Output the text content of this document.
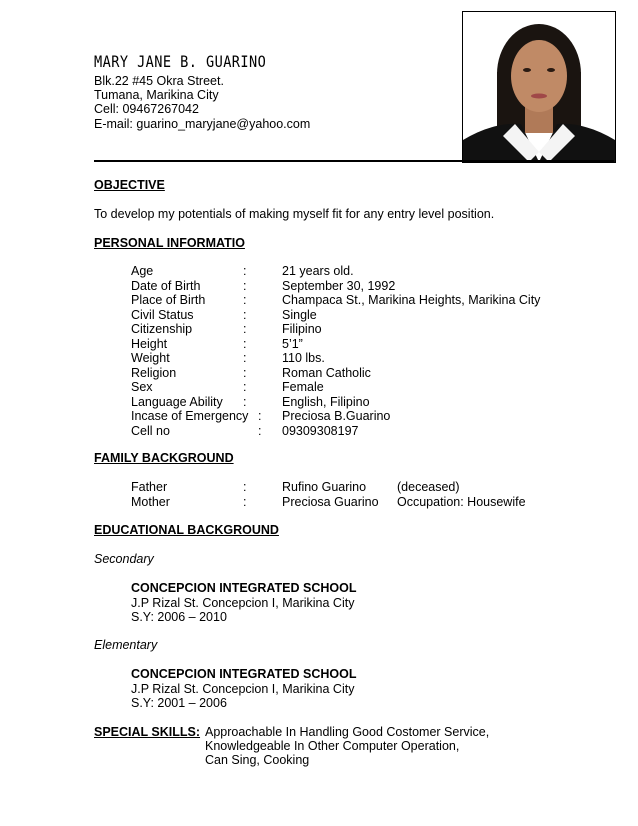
MARY JANE B. GUARINO
Blk.22 #45 Okra Street.
Tumana, Marikina City
Cell: 09467267042
E-mail: guarino_maryjane@yahoo.com
OBJECTIVE
To develop my potentials of making myself fit for any entry level position.
PERSONAL INFORMATIO
Age	:	21 years old.
Date of Birth	:	September 30, 1992
Place of Birth	:	Champaca St., Marikina Heights, Marikina City
Civil Status	:	Single
Citizenship	:	Filipino
Height	:	5’1”
Weight	:	110 lbs.
Religion	:	Roman Catholic
Sex	:	Female
Language Ability :	English, Filipino
Incase of Emergency : Preciosa B.Guarino
Cell no	: 09309308197
FAMILY BACKGROUND
Father	:	Rufino Guarino (deceased)
Mother	:	Preciosa Guarino Occupation: Housewife
EDUCATIONAL BACKGROUND
Secondary
CONCEPCION INTEGRATED SCHOOL
J.P Rizal St. Concepcion I, Marikina City
S.Y: 2006 – 2010
Elementary
CONCEPCION INTEGRATED SCHOOL
J.P Rizal St. Concepcion I, Marikina City
S.Y: 2001 – 2006
SPECIAL SKILLS: Approachable In Handling Good Costomer Service,
Knowledgeable In Other Computer Operation,
Can Sing, Cooking
